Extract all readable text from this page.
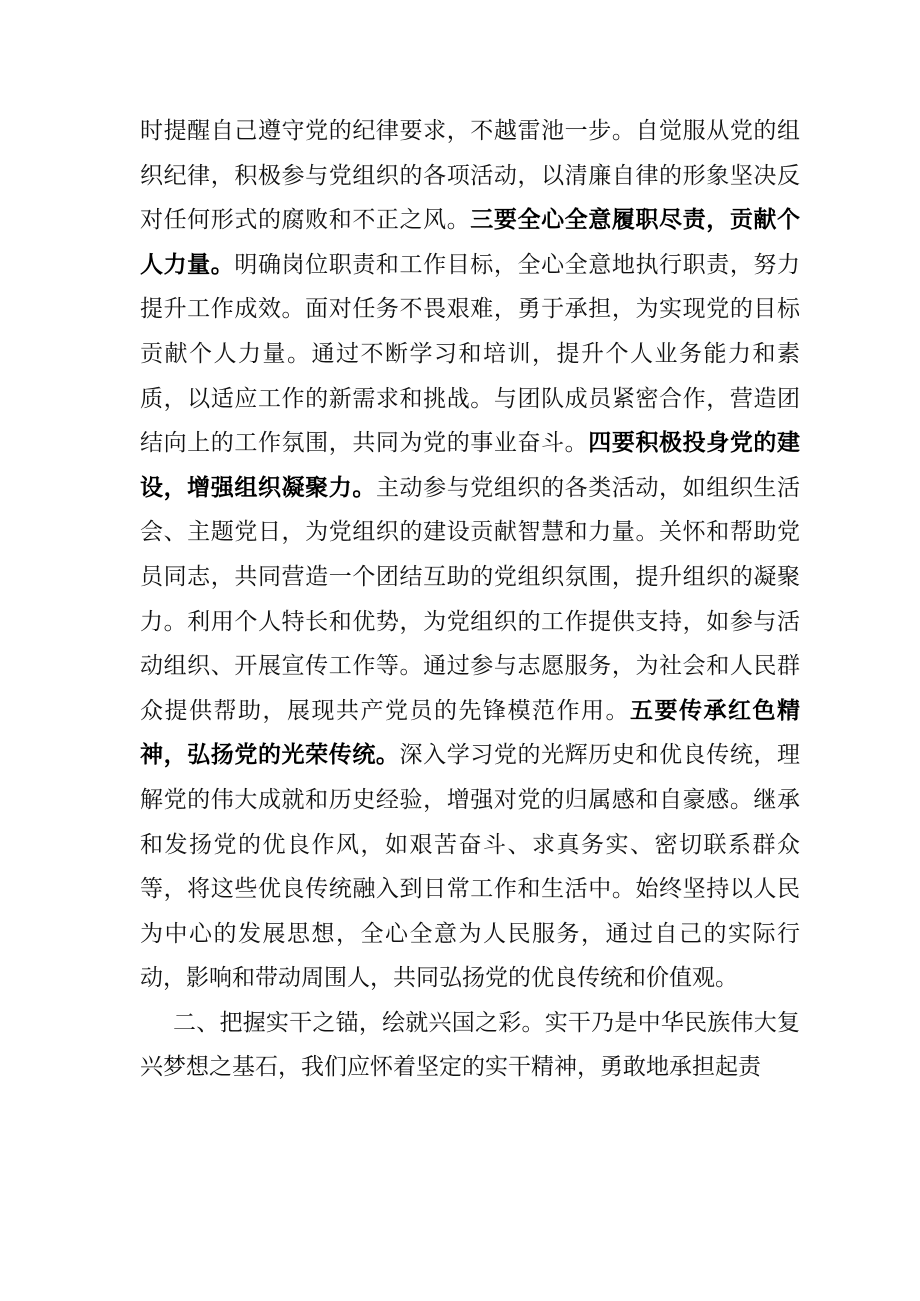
时提醒自己遵守党的纪律要求，不越雷池一步。自觉服从党的组织纪律，积极参与党组织的各项活动，以清廉自律的形象坚决反对任何形式的腐败和不正之风。三要全心全意履职尽责，贡献个人力量。明确岗位职责和工作目标，全心全意地执行职责，努力提升工作成效。面对任务不畏艰难，勇于承担，为实现党的目标贡献个人力量。通过不断学习和培训，提升个人业务能力和素质，以适应工作的新需求和挑战。与团队成员紧密合作，营造团结向上的工作氛围，共同为党的事业奋斗。四要积极投身党的建设，增强组织凝聚力。主动参与党组织的各类活动，如组织生活会、主题党日，为党组织的建设贡献智慧和力量。关怀和帮助党员同志，共同营造一个团结互助的党组织氛围，提升组织的凝聚力。利用个人特长和优势，为党组织的工作提供支持，如参与活动组织、开展宣传工作等。通过参与志愿服务，为社会和人民群众提供帮助，展现共产党员的先锋模范作用。五要传承红色精神，弘扬党的光荣传统。深入学习党的光辉历史和优良传统，理解党的伟大成就和历史经验，增强对党的归属感和自豪感。继承和发扬党的优良作风，如艰苦奋斗、求真务实、密切联系群众等，将这些优良传统融入到日常工作和生活中。始终坚持以人民为中心的发展思想，全心全意为人民服务，通过自己的实际行动，影响和带动周围人，共同弘扬党的优良传统和价值观。

二、把握实干之锚，绘就兴国之彩。实干乃是中华民族伟大复兴梦想之基石，我们应怀着坚定的实干精神，勇敢地承担起责
